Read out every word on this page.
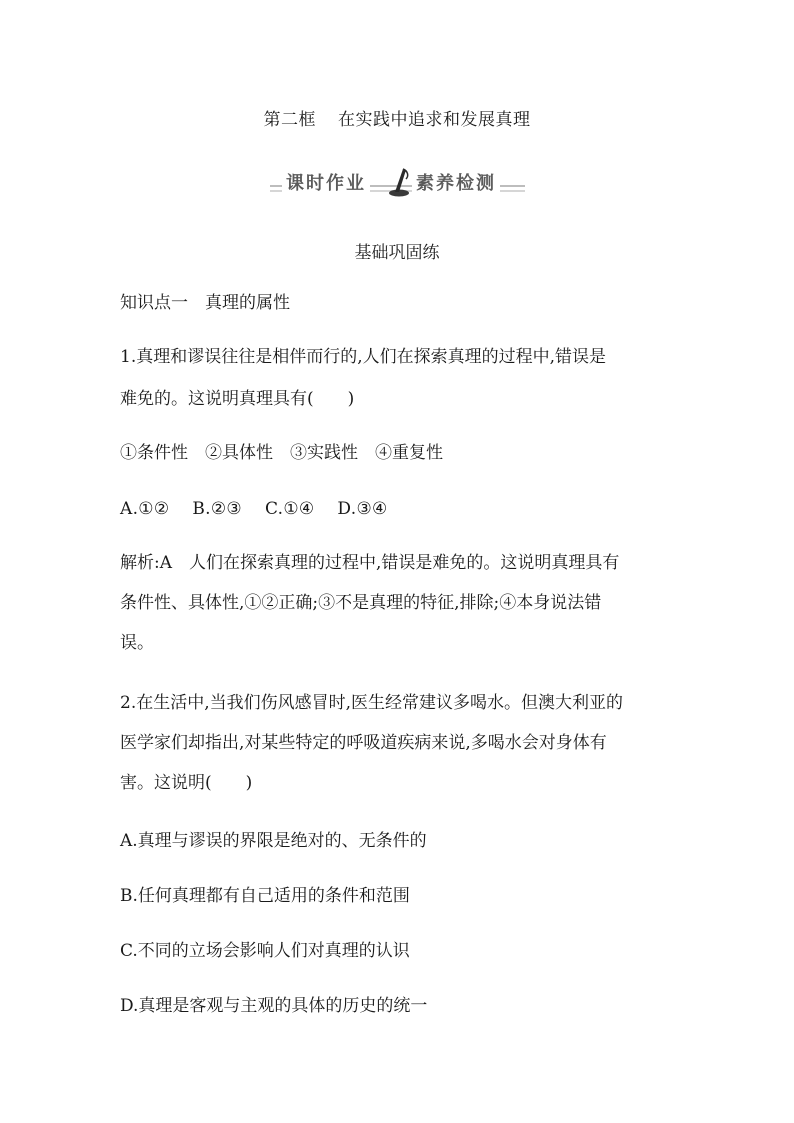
第二框 在实践中追求和发展真理
课时作业	素养检测
基础巩固练
知识点一　真理的属性
1.真理和谬误往往是相伴而行的,人们在探索真理的过程中,错误是
难免的。这说明真理具有(　　)
①条件性　②具体性　③实践性　④重复性
A.①②　 B.②③　 C.①④　 D.③④
解析:A　人们在探索真理的过程中,错误是难免的。这说明真理具有
条件性、具体性,①②正确;③不是真理的特征,排除;④本身说法错
误。
2.在生活中,当我们伤风感冒时,医生经常建议多喝水。但澳大利亚的
医学家们却指出,对某些特定的呼吸道疾病来说,多喝水会对身体有
害。这说明(　　)
A.真理与谬误的界限是绝对的、无条件的
B.任何真理都有自己适用的条件和范围
C.不同的立场会影响人们对真理的认识
D.真理是客观与主观的具体的历史的统一
